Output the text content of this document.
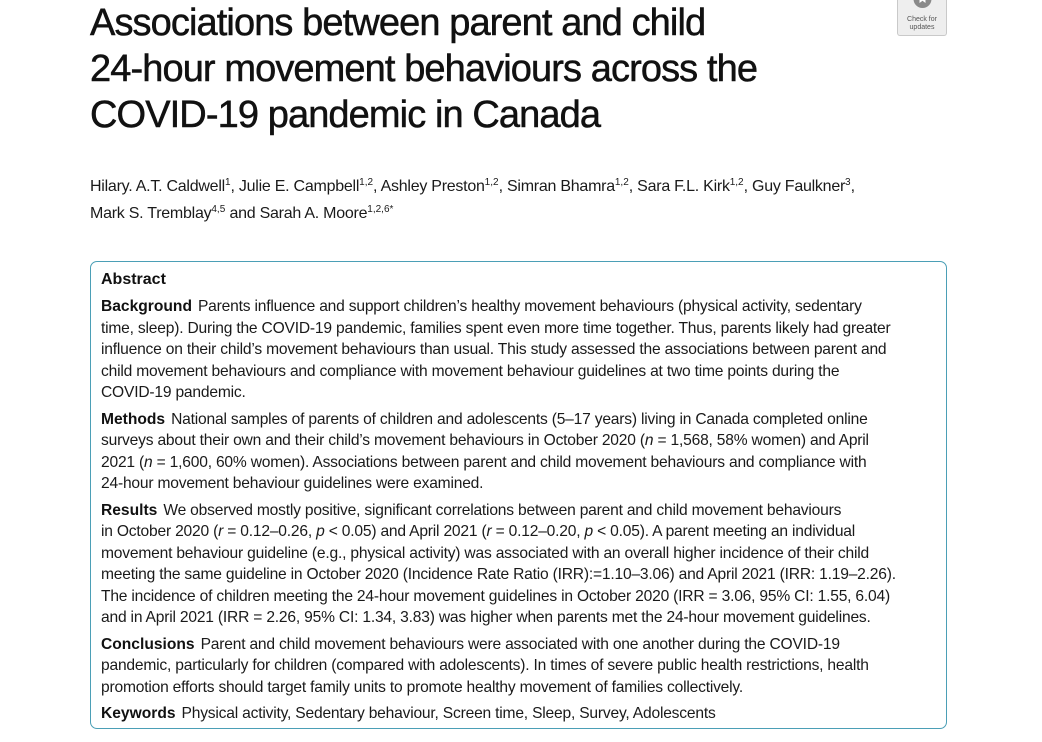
Associations between parent and child
24-hour movement behaviours across the
COVID-19 pandemic in Canada
Check for
updates
Hilary. A.T. Caldwell$^1$, Julie E. Campbell$^{1,2}$, Ashley Preston$^{1,2}$, Simran Bhamra$^{1,2}$, Sara F.L. Kirk$^{1,2}$, Guy Faulkner$^3$,
Mark S. Tremblay$^{4,5}$ and Sarah A. Moore$^{1,2,6*}$
Abstract
Background Parents influence and support children’s healthy movement behaviours (physical activity, sedentary
time, sleep). During the COVID-19 pandemic, families spent even more time together. Thus, parents likely had greater
influence on their child’s movement behaviours than usual. This study assessed the associations between parent and
child movement behaviours and compliance with movement behaviour guidelines at two time points during the
COVID-19 pandemic.
Methods National samples of parents of children and adolescents (5–17 years) living in Canada completed online
surveys about their own and their child’s movement behaviours in October 2020 (n = 1,568, 58% women) and April
2021 (n = 1,600, 60% women). Associations between parent and child movement behaviours and compliance with
24-hour movement behaviour guidelines were examined.
Results We observed mostly positive, significant correlations between parent and child movement behaviours
in October 2020 (r = 0.12–0.26, p < 0.05) and April 2021 (r = 0.12–0.20, p < 0.05). A parent meeting an individual
movement behaviour guideline (e.g., physical activity) was associated with an overall higher incidence of their child
meeting the same guideline in October 2020 (Incidence Rate Ratio (IRR):=1.10–3.06) and April 2021 (IRR: 1.19–2.26).
The incidence of children meeting the 24-hour movement guidelines in October 2020 (IRR = 3.06, 95% CI: 1.55, 6.04)
and in April 2021 (IRR = 2.26, 95% CI: 1.34, 3.83) was higher when parents met the 24-hour movement guidelines.
Conclusions Parent and child movement behaviours were associated with one another during the COVID-19
pandemic, particularly for children (compared with adolescents). In times of severe public health restrictions, health
promotion efforts should target family units to promote healthy movement of families collectively.
Keywords Physical activity, Sedentary behaviour, Screen time, Sleep, Survey, Adolescents
